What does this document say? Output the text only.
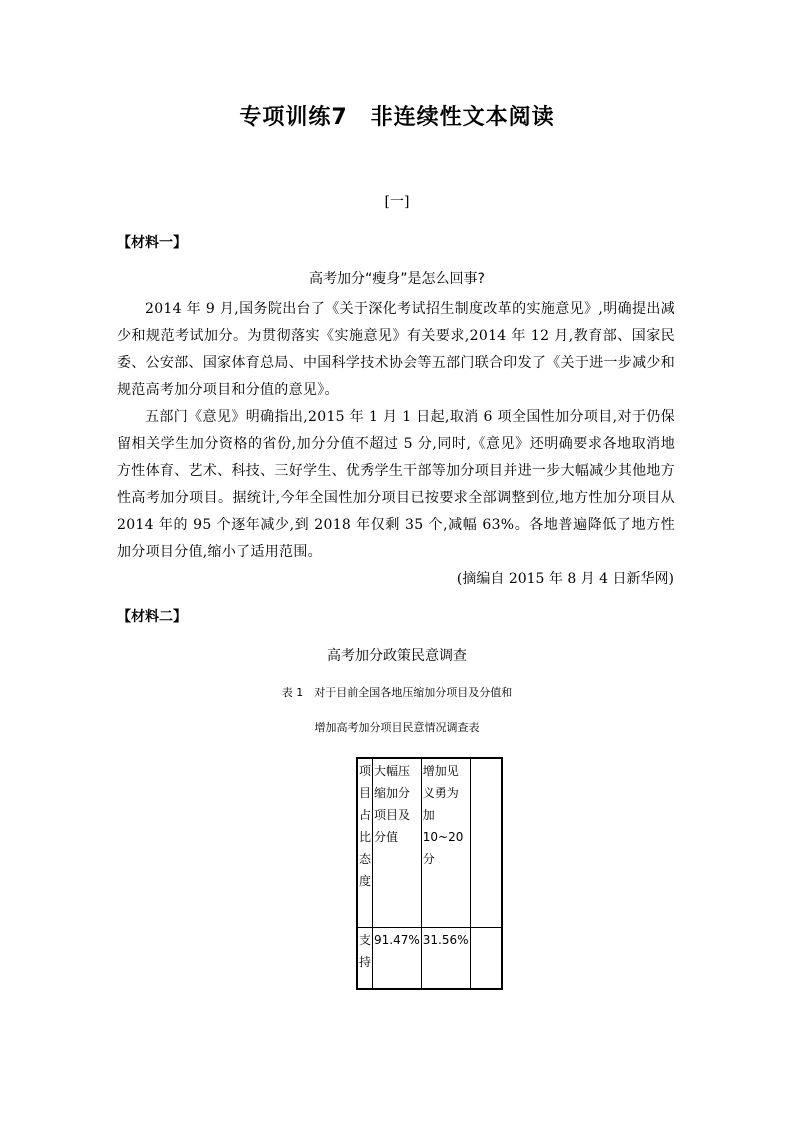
专项训练7　非连续性文本阅读
[一]
【材料一】
高考加分“瘦身”是怎么回事?
2014 年 9 月,国务院出台了《关于深化考试招生制度改革的实施意见》,明确提出减少和规范考试加分。为贯彻落实《实施意见》有关要求,2014 年 12 月,教育部、国家民委、公安部、国家体育总局、中国科学技术协会等五部门联合印发了《关于进一步减少和规范高考加分项目和分值的意见》。
五部门《意见》明确指出,2015 年 1 月 1 日起,取消 6 项全国性加分项目,对于仍保留相关学生加分资格的省份,加分分值不超过 5 分,同时,《意见》还明确要求各地取消地方性体育、艺术、科技、三好学生、优秀学生干部等加分项目并进一步大幅减少其他地方性高考加分项目。据统计,今年全国性加分项目已按要求全部调整到位,地方性加分项目从 2014 年的 95 个逐年减少,到 2018 年仅剩 35 个,减幅 63%。各地普遍降低了地方性加分项目分值,缩小了适用范围。
(摘编自 2015 年 8 月 4 日新华网)
【材料二】
高考加分政策民意调查
表 1　对于目前全国各地压缩加分项目及分值和
增加高考加分项目民意情况调查表
项目占比态度	大幅压缩加分项目及分值	增加见义勇为加10~20分	
支持	91.47%	31.56%	
